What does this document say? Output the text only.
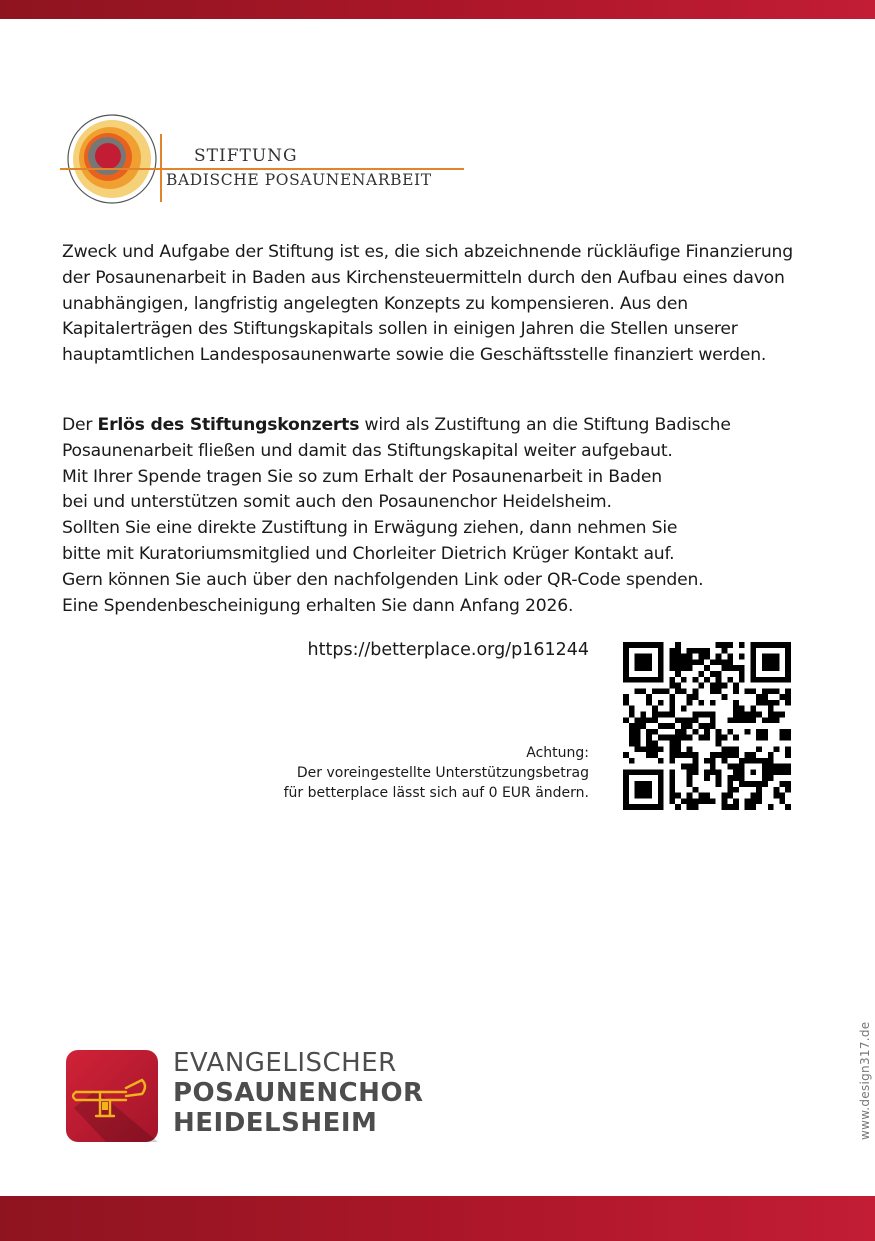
STIFTUNG
BADISCHE POSAUNENARBEIT

Zweck und Aufgabe der Stiftung ist es, die sich abzeichnende rückläufige Finanzierung der Posaunenarbeit in Baden aus Kirchensteuermitteln durch den Aufbau eines davon unabhängigen, langfristig angelegten Konzepts zu kompensieren. Aus den Kapitalerträgen des Stiftungskapitals sollen in einigen Jahren die Stellen unserer hauptamtlichen Landesposaunenwarte sowie die Geschäftsstelle finanziert werden.

Der Erlös des Stiftungskonzerts wird als Zustiftung an die Stiftung Badische
Posaunenarbeit fließen und damit das Stiftungskapital weiter aufgebaut.
Mit Ihrer Spende tragen Sie so zum Erhalt der Posaunenarbeit in Baden
bei und unterstützen somit auch den Posaunenchor Heidelsheim.
Sollten Sie eine direkte Zustiftung in Erwägung ziehen, dann nehmen Sie
bitte mit Kuratoriumsmitglied und Chorleiter Dietrich Krüger Kontakt auf.
Gern können Sie auch über den nachfolgenden Link oder QR-Code spenden.
Eine Spendenbescheinigung erhalten Sie dann Anfang 2026.

https://betterplace.org/p161244
Achtung:
Der voreingestellte Unterstützungsbetrag
für betterplace lässt sich auf 0 EUR ändern.
EVANGELISCHER
POSAUNENCHOR
HEIDELSHEIM	www.design317.de
